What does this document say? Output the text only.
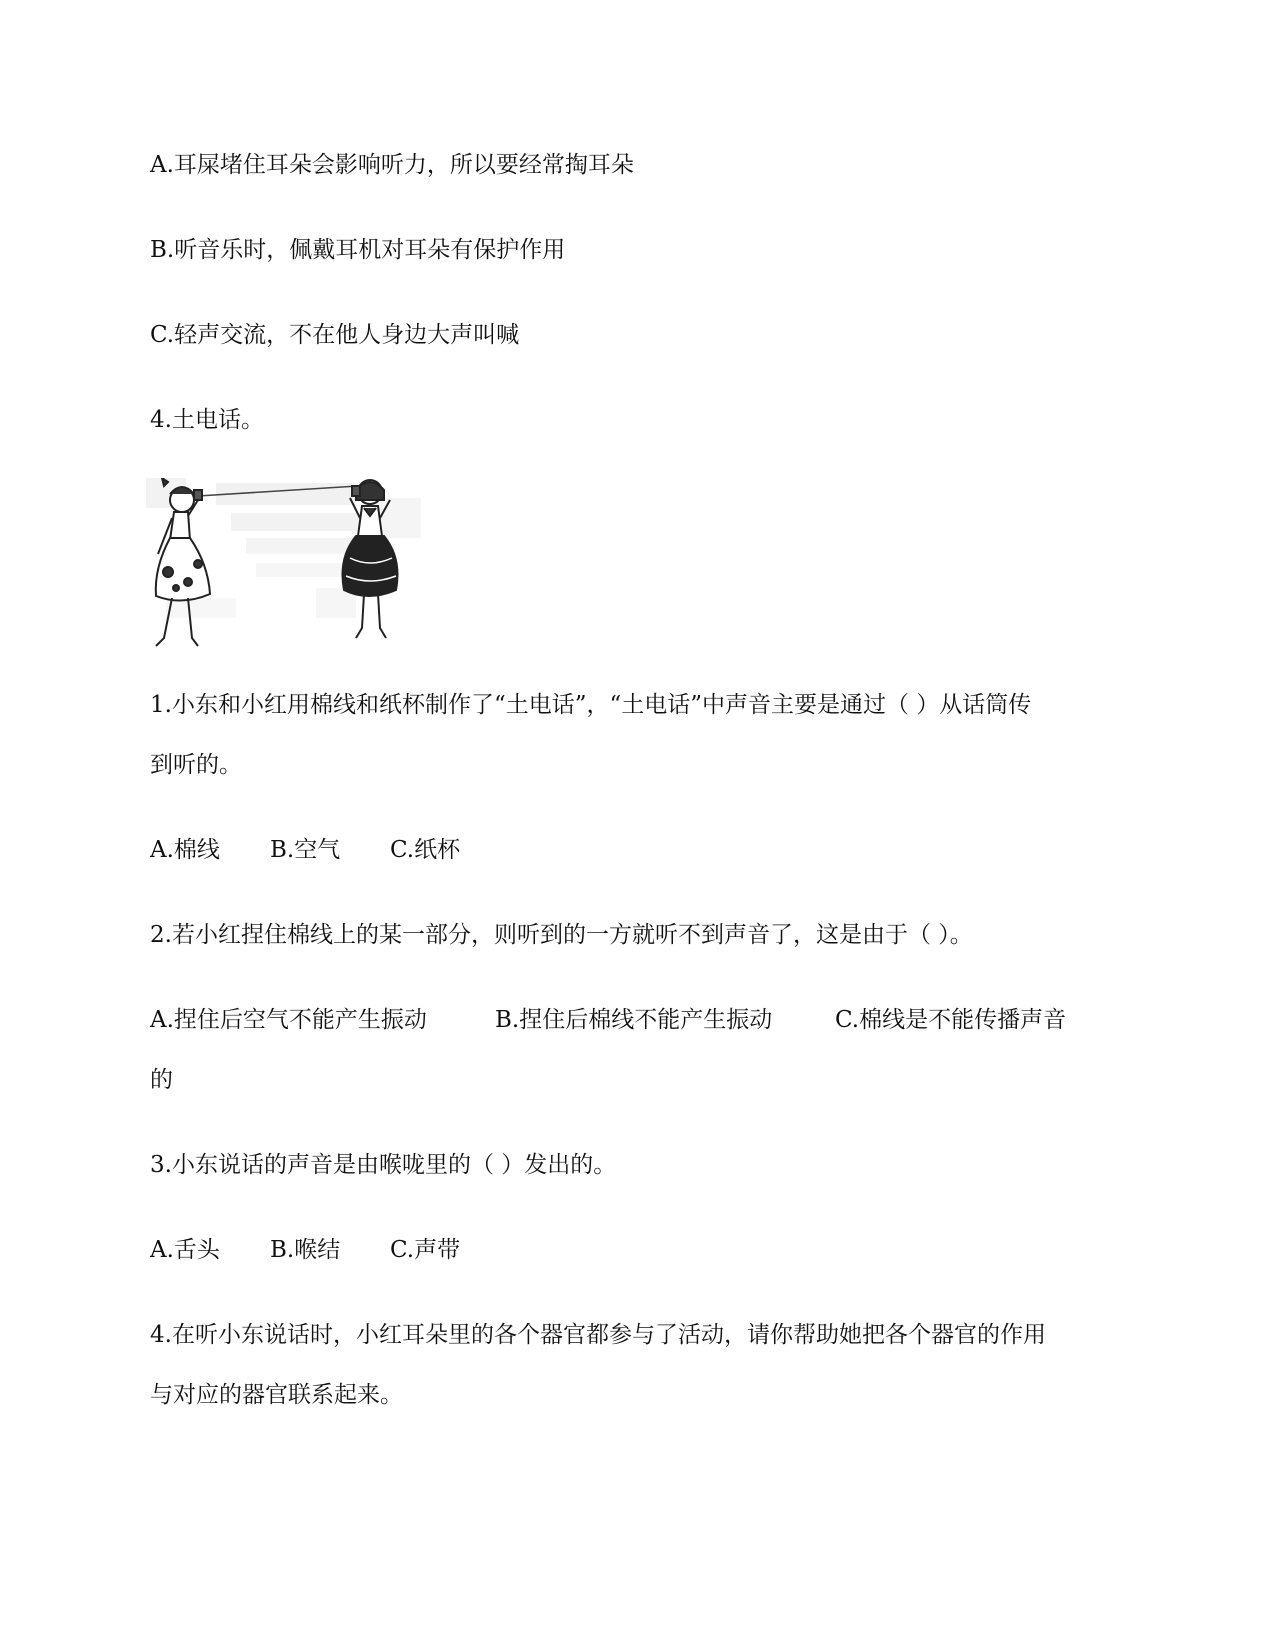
A.耳屎堵住耳朵会影响听力，所以要经常掏耳朵

B.听音乐时，佩戴耳机对耳朵有保护作用

C.轻声交流，不在他人身边大声叫喊

4.土电话。

1.小东和小红用棉线和纸杯制作了“土电话”，“土电话”中声音主要是通过（ ）从话筒传

到听的。

A.棉线 B.空气 C.纸杯

2.若小红捏住棉线上的某一部分，则听到的一方就听不到声音了，这是由于（ ）。

A.捏住后空气不能产生振动	B.捏住后棉线不能产生振动	C.棉线是不能传播声音

的

3.小东说话的声音是由喉咙里的（ ）发出的。

A.舌头 B.喉结 C.声带

4.在听小东说话时，小红耳朵里的各个器官都参与了活动，请你帮助她把各个器官的作用

与对应的器官联系起来。
